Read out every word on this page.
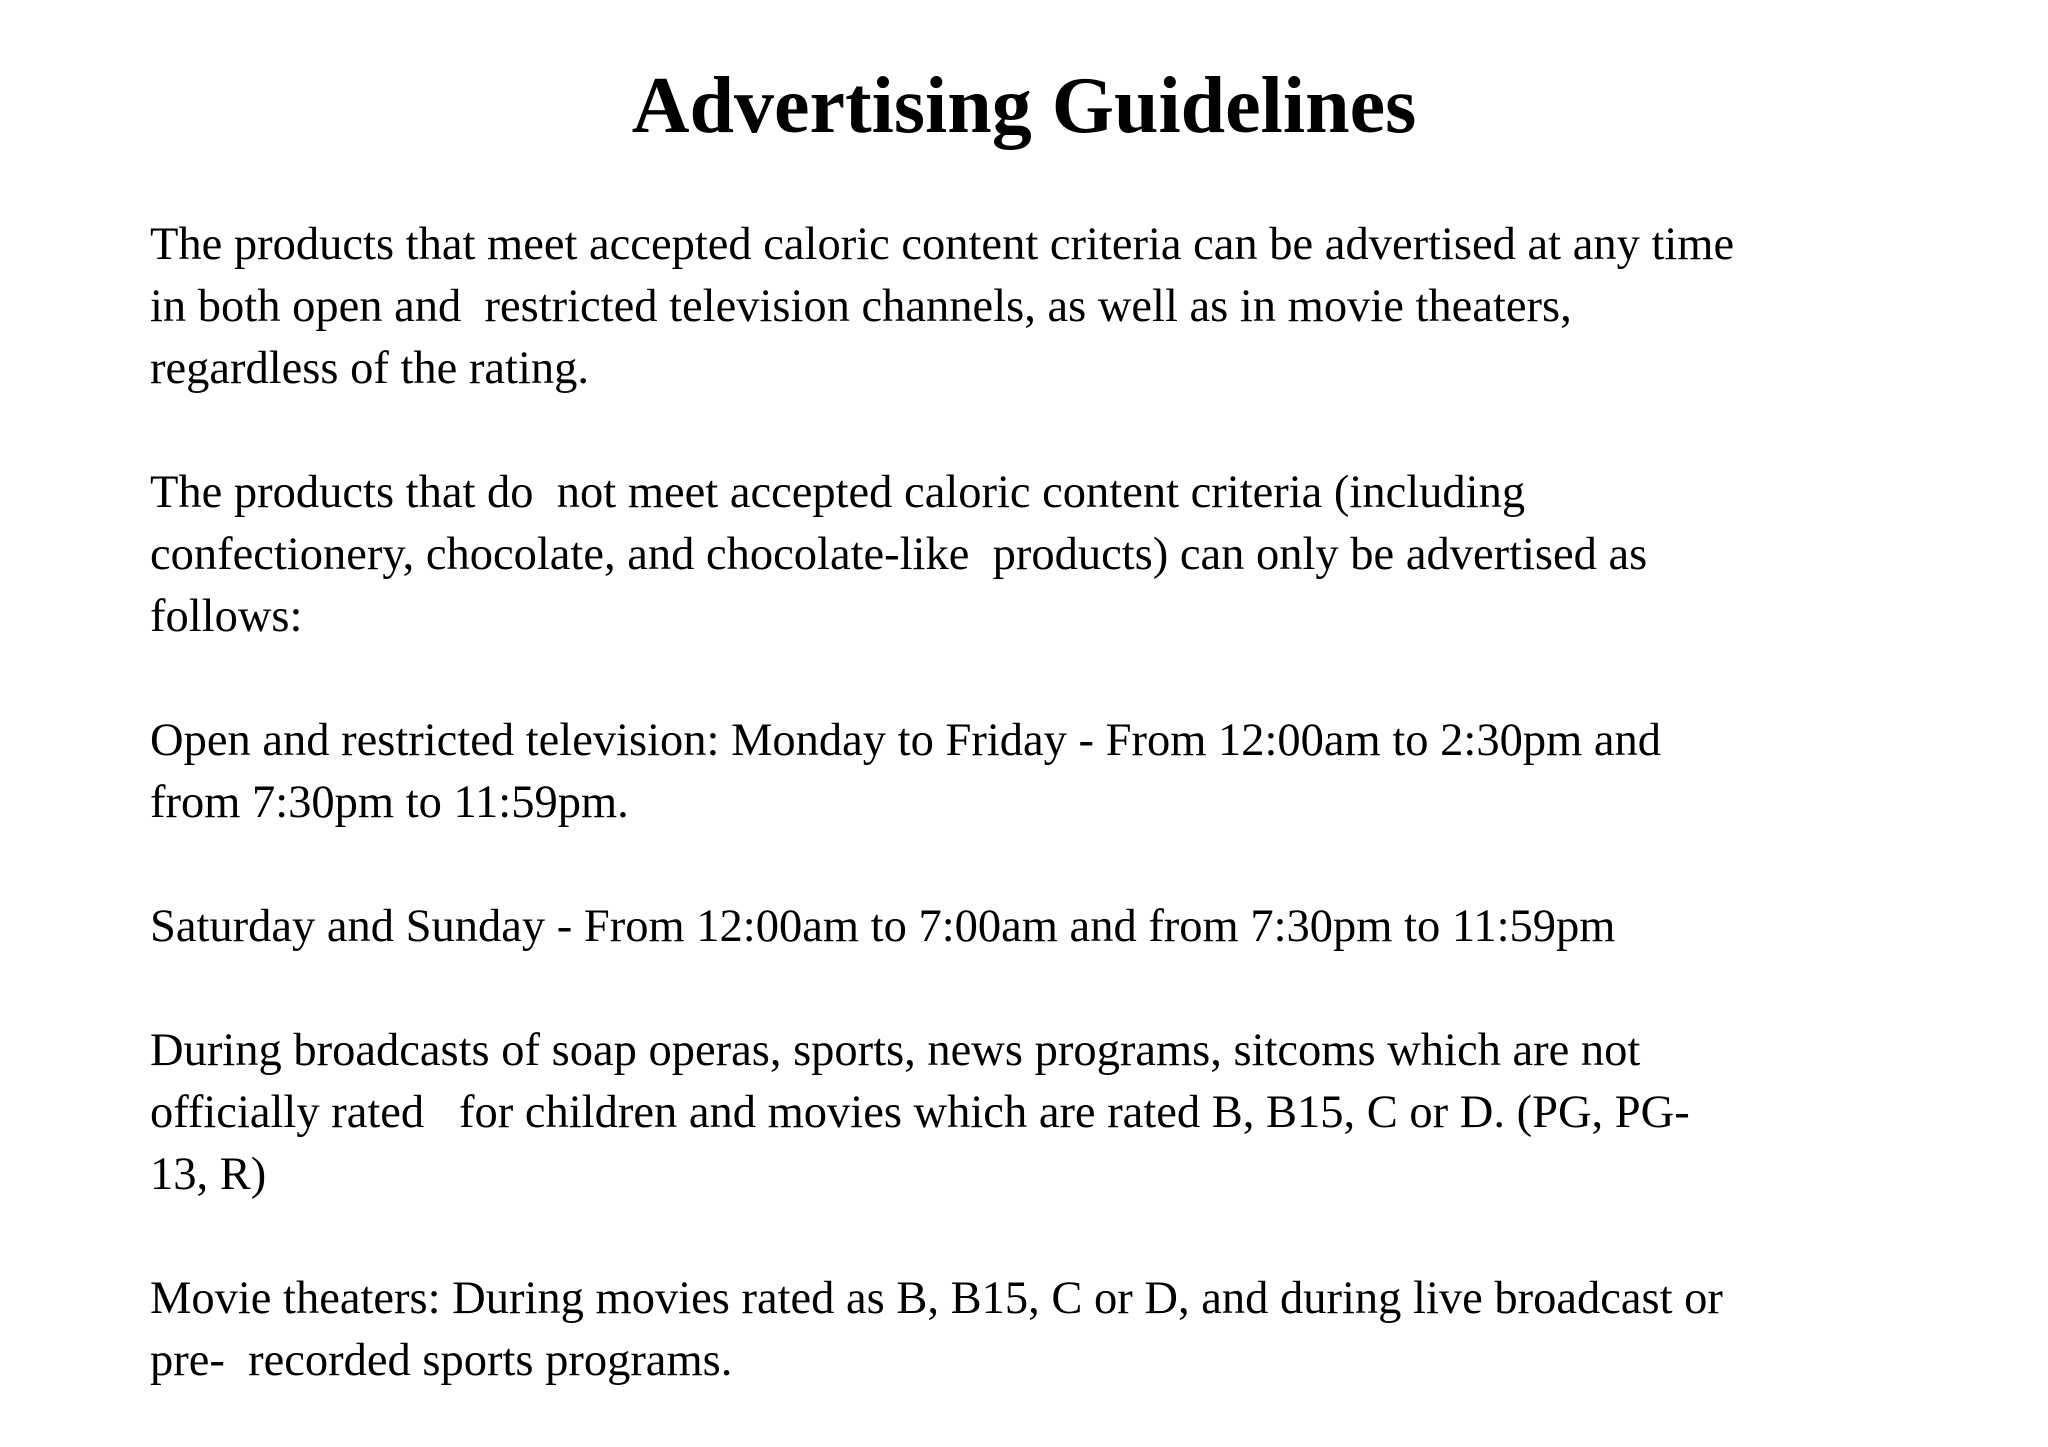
Advertising Guidelines
The products that meet accepted caloric content criteria can be advertised at any time
in both open and  restricted television channels, as well as in movie theaters,
regardless of the rating.
The products that do  not meet accepted caloric content criteria (including
confectionery, chocolate, and chocolate-like  products) can only be advertised as
follows:
Open and restricted television: Monday to Friday - From 12:00am to 2:30pm and
from 7:30pm to 11:59pm.
Saturday and Sunday - From 12:00am to 7:00am and from 7:30pm to 11:59pm
During broadcasts of soap operas, sports, news programs, sitcoms which are not
officially rated   for children and movies which are rated B, B15, C or D. (PG, PG-
13, R)
Movie theaters: During movies rated as B, B15, C or D, and during live broadcast or
pre-  recorded sports programs.
